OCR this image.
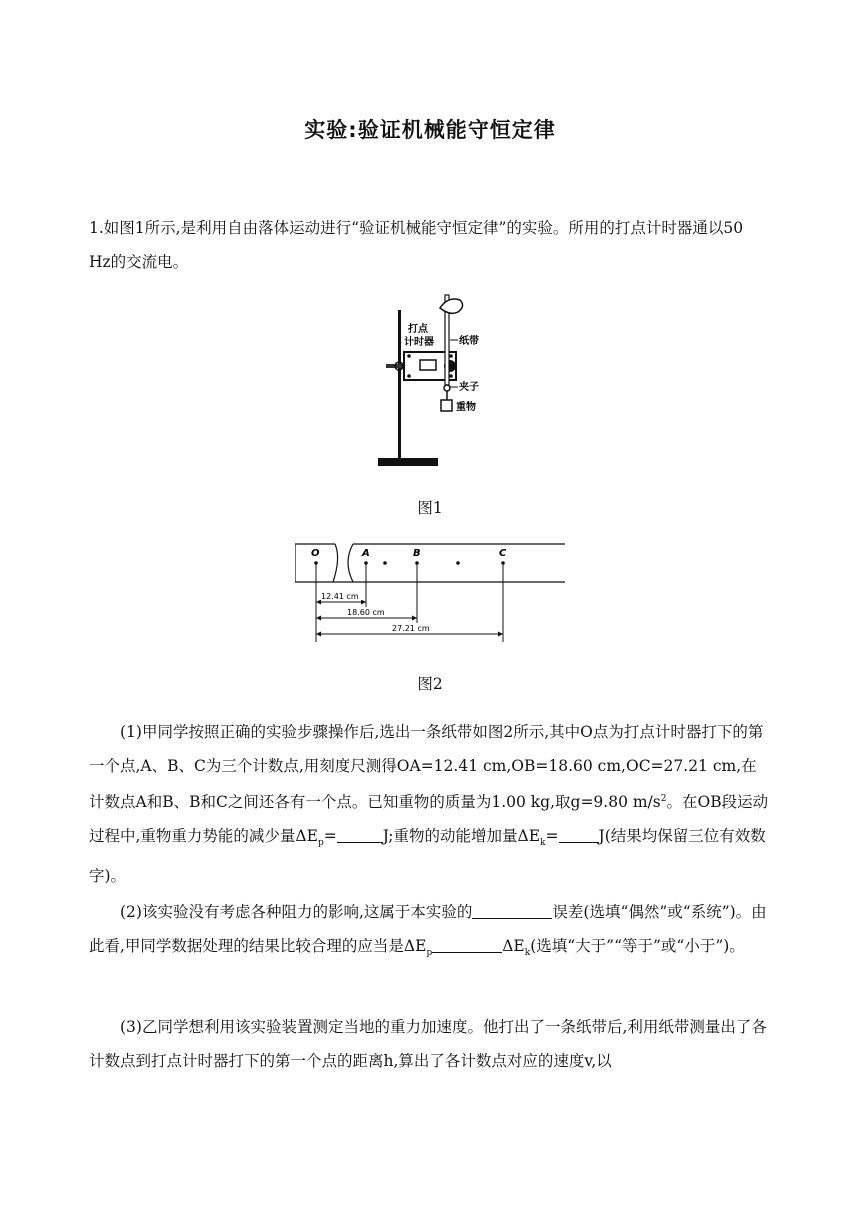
实验:验证机械能守恒定律

1.如图1所示,是利用自由落体运动进行“验证机械能守恒定律”的实验。所用的打点计时器通以50 Hz的交流电。

打点
计时器	纸带
夹子
重物
图1
O	A	B	C
12.41 cm
18.60 cm
27.21 cm
图2

(1)甲同学按照正确的实验步骤操作后,选出一条纸带如图2所示,其中O点为打点计时器打下的第一个点,A、B、C为三个计数点,用刻度尺测得OA=12.41 cm,OB=18.60 cm,OC=27.21 cm,在计数点A和B、B和C之间还各有一个点。已知重物的质量为1.00 kg,取g=9.80 $m/s^2$。在OB段运动过程中,重物重力势能的减少量$\Delta E_p=$	J;重物的动能增加量$\Delta E_k=$	J(结果均保留三位有效数字)。

(2)该实验没有考虑各种阻力的影响,这属于本实验的	误差(选填“偶然”或“系统”)。由此看,甲同学数据处理的结果比较合理的应当是$\Delta E_p$	$\Delta E_k$(选填“大于”“等于”或“小于”)。

(3)乙同学想利用该实验装置测定当地的重力加速度。他打出了一条纸带后,利用纸带测量出了各计数点到打点计时器打下的第一个点的距离h,算出了各计数点对应的速度v,以
